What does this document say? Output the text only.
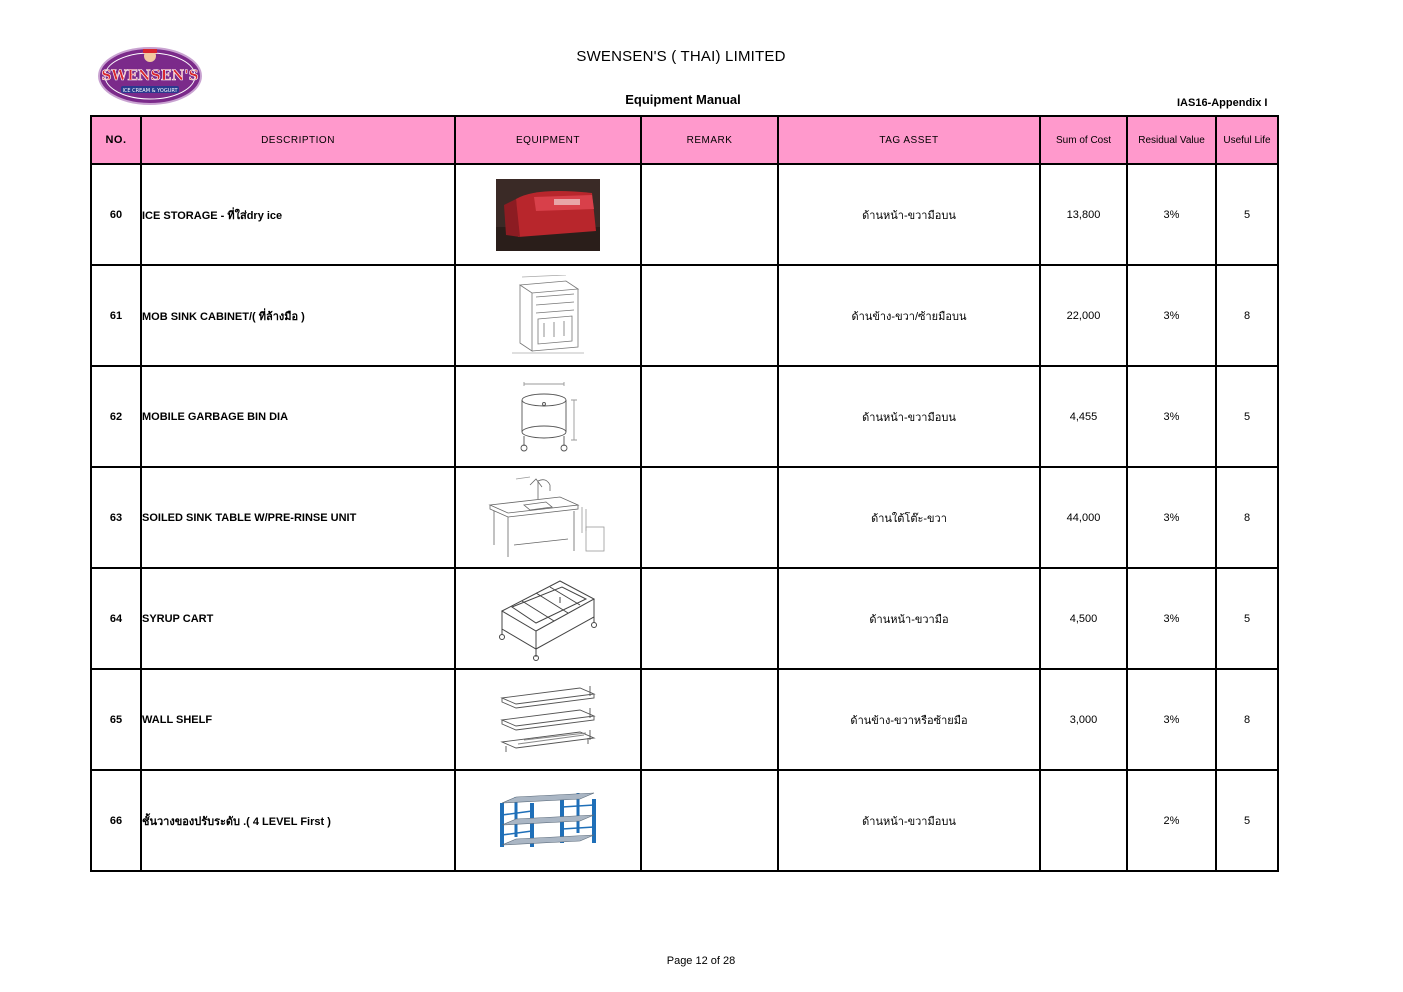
SWENSEN'S
ICE CREAM & YOGURT
SWENSEN'S ( THAI) LIMITED
Equipment Manual	IAS16-Appendix I
NO.	DESCRIPTION	EQUIPMENT	REMARK	TAG ASSET	Sum of Cost	Residual Value	Useful Life
60	ICE STORAGE - ที่ใส่dry ice			ด้านหน้า-ขวามือบน	13,800	3%	5
61	MOB SINK CABINET/( ที่ล้างมือ )			ด้านข้าง-ขวา/ซ้ายมือบน	22,000	3%	8
62	MOBILE GARBAGE BIN DIA			ด้านหน้า-ขวามือบน	4,455	3%	5
63	SOILED SINK TABLE W/PRE-RINSE UNIT			ด้านใต้โต๊ะ-ขวา	44,000	3%	8
64	SYRUP CART			ด้านหน้า-ขวามือ	4,500	3%	5
65	WALL SHELF			ด้านข้าง-ขวาหรือซ้ายมือ	3,000	3%	8
66	ชั้นวางของปรับระดับ .( 4 LEVEL First )			ด้านหน้า-ขวามือบน		2%	5
Page 12 of 28
